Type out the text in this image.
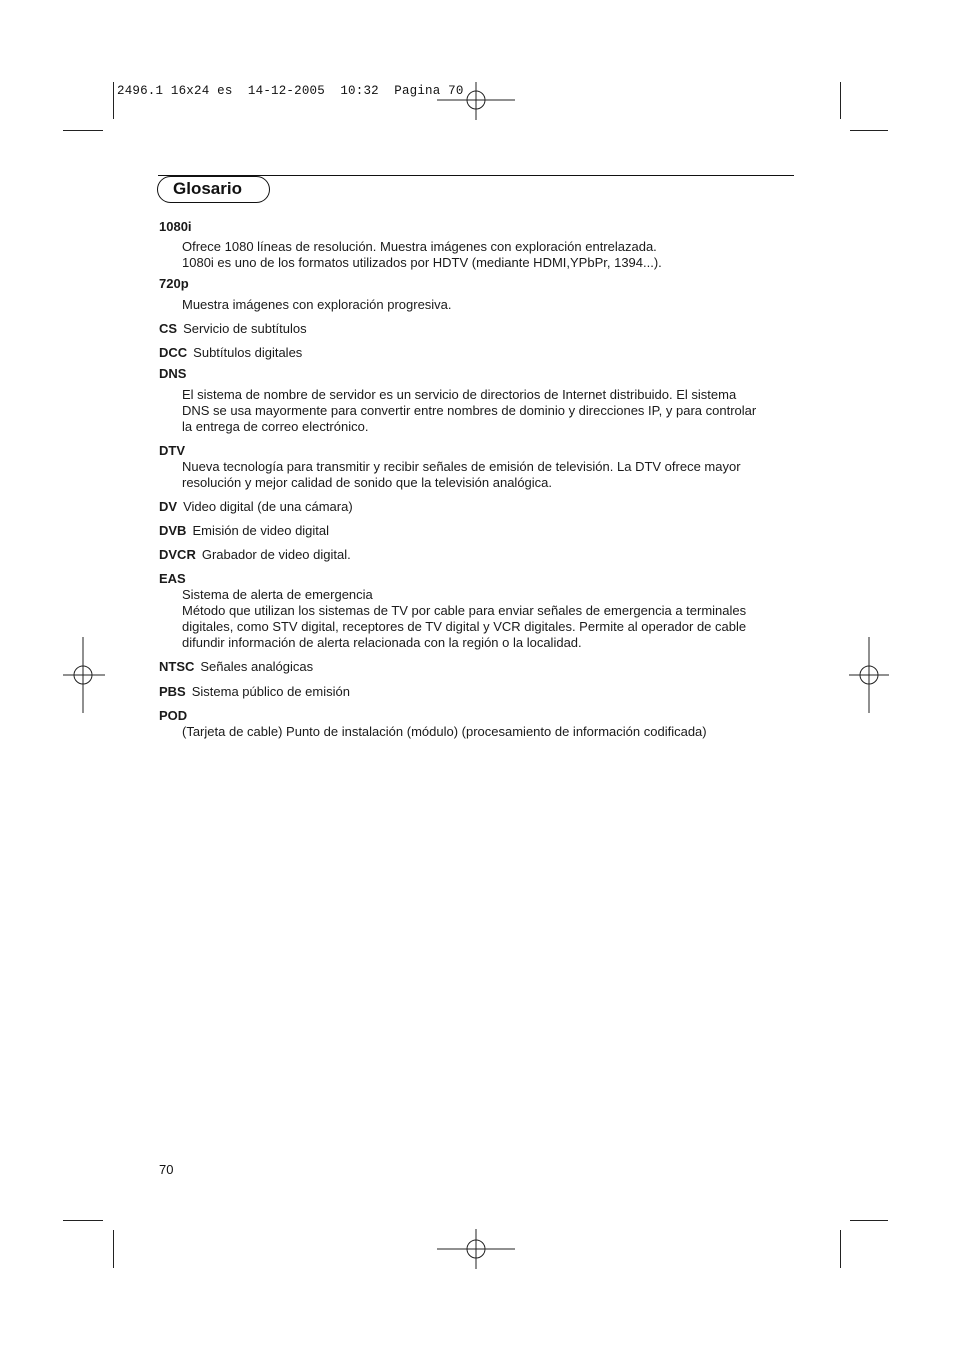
2496.1 16x24 es  14-12-2005  10:32  Pagina 70
Glosario
1080i

Ofrece 1080 líneas de resolución. Muestra imágenes con exploración entrelazada.

1080i es uno de los formatos utilizados por HDTV (mediante HDMI,YPbPr, 1394...).

720p

Muestra imágenes con exploración progresiva.

CS Servicio de subtítulos
DCC Subtítulos digitales
DNS

El sistema de nombre de servidor es un servicio de directorios de Internet distribuido. El sistema

DNS se usa mayormente para convertir entre nombres de dominio y direcciones IP, y para controlar

la entrega de correo electrónico.

DTV

Nueva tecnología para transmitir y recibir señales de emisión de televisión. La DTV ofrece mayor

resolución y mejor calidad de sonido que la televisión analógica.

DV Video digital (de una cámara)
DVB Emisión de video digital
DVCR Grabador de video digital.
EAS

Sistema de alerta de emergencia

Método que utilizan los sistemas de TV por cable para enviar señales de emergencia a terminales

digitales, como STV digital, receptores de TV digital y VCR digitales. Permite al operador de cable

difundir información de alerta relacionada con la región o la localidad.

NTSC Señales analógicas
PBS Sistema público de emisión
POD

(Tarjeta de cable) Punto de instalación (módulo) (procesamiento de información codificada)

70
